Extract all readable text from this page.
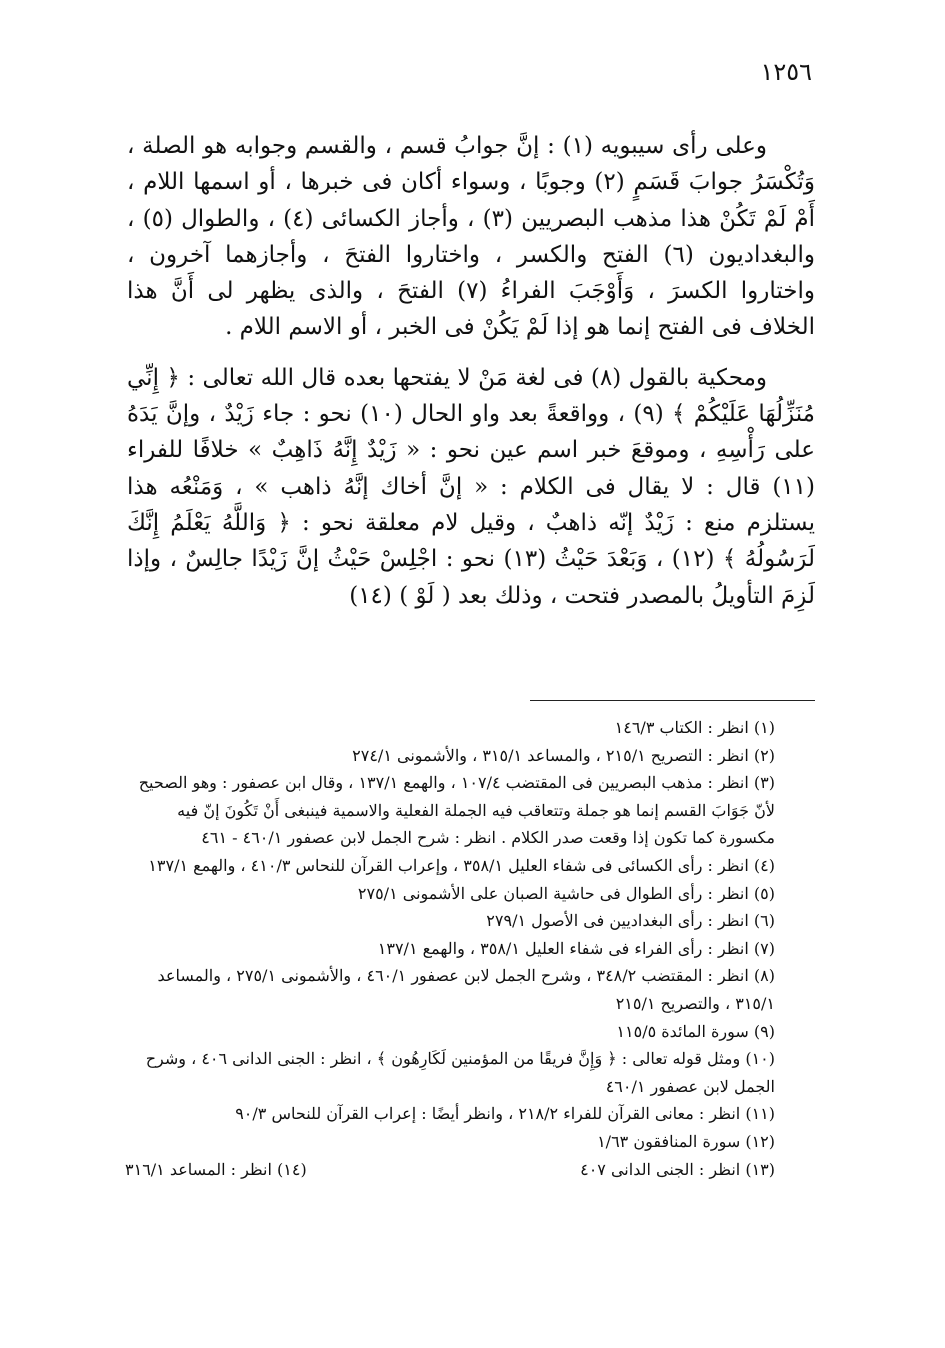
١٢٥٦

وعلى رأى سيبويه (١) : إنَّ جوابُ قسم ، والقسم وجوابه هو الصلة ، وَتُكْسَرُ جوابَ قَسَمٍ (٢) وجوبًا ، وسواء أكان فى خبرها ، أو اسمها اللام ، أَمْ لَمْ تَكُنْ هذا مذهب البصريين (٣) ، وأجاز الكسائى (٤) ، والطوال (٥) ، والبغداديون (٦) الفتح والكسر ، واختاروا الفتحَ ، وأجازهما آخرون ، واختاروا الكسرَ ، وَأَوْجَبَ الفراءُ (٧) الفتحَ ، والذى يظهر لى أَنَّ هذا الخلاف فى الفتح إنما هو إذا لَمْ يَكُنْ فى الخبر ، أو الاسم اللام .

ومحكية بالقول (٨) فى لغة مَنْ لا يفتحها بعده قال الله تعالى : ﴿ إِنِّي مُنَزِّلُهَا عَلَيْكُمْ ﴾ (٩) ، وواقعةً بعد واو الحال (١٠) نحو : جاء زَيْدٌ ، وإنَّ يَدَهُ على رَأْسِهِ ، وموقعَ خبر اسم عين نحو : « زَيْدٌ إِنَّهُ ذَاهِبٌ » خلافًا للفراء (١١) قال : لا يقال فى الكلام : « إنَّ أخاك إنَّهُ ذاهب » ، وَمَنْعُه هذا يستلزم منع : زَيْدٌ إنّه ذاهبٌ ، وقيل لام معلقة نحو : ﴿ وَاللَّهُ يَعْلَمُ إِنَّكَ لَرَسُولُهُ ﴾ (١٢) ، وَبَعْدَ حَيْثُ (١٣) نحو : اجْلِسْ حَيْثُ إنَّ زَيْدًا جالِسٌ ، وإذا لَزِمَ التأويلُ بالمصدر فتحت ، وذلك بعد ( لَوْ ) (١٤)

(١) انظر : الكتاب ١٤٦/٣

(٢) انظر : التصريح ٢١٥/١ ، والمساعد ٣١٥/١ ، والأشمونى ٢٧٤/١

(٣) انظر : مذهب البصريين فى المقتضب ١٠٧/٤ ، والهمع ١٣٧/١ ، وقال ابن عصفور : وهو الصحيح لأنّ جَوَابَ القسم إنما هو جملة وتتعاقب فيه الجملة الفعلية والاسمية فينبغى أَنْ تَكُونَ إنّ فيه مكسورة كما تكون إذا وقعت صدر الكلام . انظر : شرح الجمل لابن عصفور ٤٦٠/١ - ٤٦١

(٤) انظر : رأى الكسائى فى شفاء العليل ٣٥٨/١ ، وإعراب القرآن للنحاس ٤١٠/٣ ، والهمع ١٣٧/١

(٥) انظر : رأى الطوال فى حاشية الصبان على الأشمونى ٢٧٥/١

(٦) انظر : رأى البغداديين فى الأصول ٢٧٩/١

(٧) انظر : رأى الفراء فى شفاء العليل ٣٥٨/١ ، والهمع ١٣٧/١

(٨) انظر : المقتضب ٣٤٨/٢ ، وشرح الجمل لابن عصفور ٤٦٠/١ ، والأشمونى ٢٧٥/١ ، والمساعد ٣١٥/١ ، والتصريح ٢١٥/١

(٩) سورة المائدة ١١٥/٥

(١٠) ومثل قوله تعالى : ﴿ وَإِنَّ فريقًا من المؤمنين لَكَارِهُون ﴾ ، انظر : الجنى الدانى ٤٠٦ ، وشرح الجمل لابن عصفور ٤٦٠/١

(١١) انظر : معانى القرآن للفراء ٢١٨/٢ ، وانظر أيضًا : إعراب القرآن للنحاس ٩٠/٣

(١٢) سورة المنافقون ١/٦٣

(١٣) انظر : الجنى الدانى ٤٠٧
(١٤) انظر : المساعد ٣١٦/١
